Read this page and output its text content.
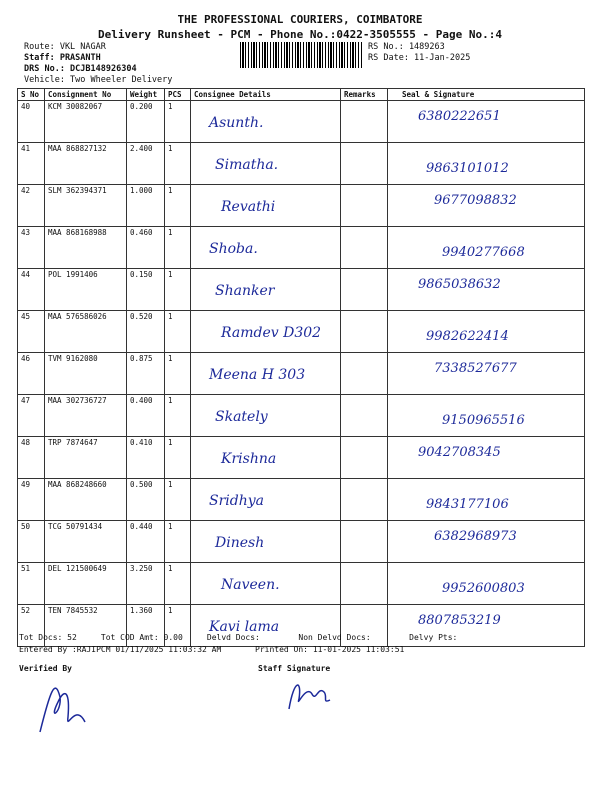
THE PROFESSIONAL COURIERS, COIMBATORE
Delivery Runsheet - PCM - Phone No.:0422-3505555 - Page No.:4
Route: VKL NAGAR
Staff: PRASANTH
DRS No.: DCJB148926304
Vehicle: Two Wheeler Delivery
RS No.: 1489263
RS Date: 11-Jan-2025
S No	Consignment No	Weight	PCS	Consignee Details	Remarks	Seal & Signature
40	KCM 30082067	0.200	1	Asunth.		6380222651

41	MAA 868827132	2.400	1	Simatha.		9863101012

42	SLM 362394371	1.000	1	Revathi		9677098832

43	MAA 868168988	0.460	1	Shoba.		9940277668

44	POL 1991406	0.150	1	Shanker		9865038632

45	MAA 576586026	0.520	1	Ramdev D302		9982622414

46	TVM 9162080	0.875	1	Meena H 303		7338527677

47	MAA 302736727	0.400	1	Skately		9150965516

48	TRP 7874647	0.410	1	Krishna		9042708345

49	MAA 868248660	0.500	1	Sridhya		9843177106

50	TCG 50791434	0.440	1	Dinesh		6382968973

51	DEL 121500649	3.250	1	Naveen.		9952600803

52	TEN 7845532	1.360	1	Kavi lama		8807853219
Tot Docs: 52	Tot COD Amt: 0.00	Delvd Docs:	Non Delvd Docs:	Delvy Pts:
Entered By :RAJIPCM 01/11/2025 11:03:32 AM	Printed On: 11-01-2025 11:03:51
Verified By	Staff Signature
